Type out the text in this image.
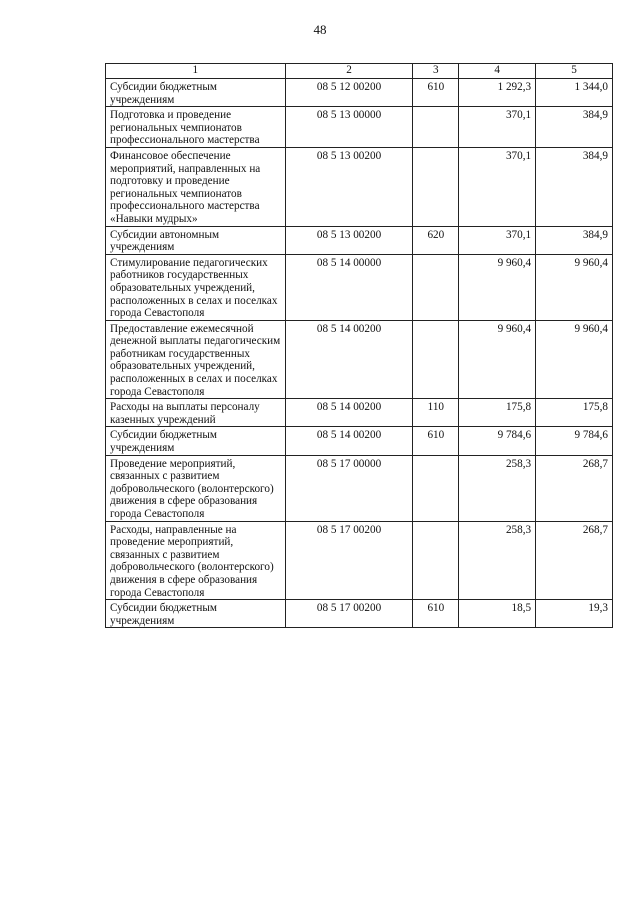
48
1	2	3	4	5
Субсидии бюджетным учреждениям	08 5 12 00200	610	1 292,3	1 344,0
Подготовка и проведение региональных чемпионатов профессионального мастерства	08 5 13 00000		370,1	384,9
Финансовое обеспечение мероприятий, направленных на подготовку и проведение региональных чемпионатов профессионального мастерства «Навыки мудрых»	08 5 13 00200		370,1	384,9
Субсидии автономным учреждениям	08 5 13 00200	620	370,1	384,9
Стимулирование педагогических работников государственных образовательных учреждений, расположенных в селах и поселках города Севастополя	08 5 14 00000		9 960,4	9 960,4
Предоставление ежемесячной денежной выплаты педагогическим работникам государственных образовательных учреждений, расположенных в селах и поселках города Севастополя	08 5 14 00200		9 960,4	9 960,4
Расходы на выплаты персоналу казенных учреждений	08 5 14 00200	110	175,8	175,8
Субсидии бюджетным учреждениям	08 5 14 00200	610	9 784,6	9 784,6
Проведение мероприятий, связанных с развитием добровольческого (волонтерского) движения в сфере образования города Севастополя	08 5 17 00000		258,3	268,7
Расходы, направленные на проведение мероприятий, связанных с развитием добровольческого (волонтерского) движения в сфере образования города Севастополя	08 5 17 00200		258,3	268,7
Субсидии бюджетным учреждениям	08 5 17 00200	610	18,5	19,3
